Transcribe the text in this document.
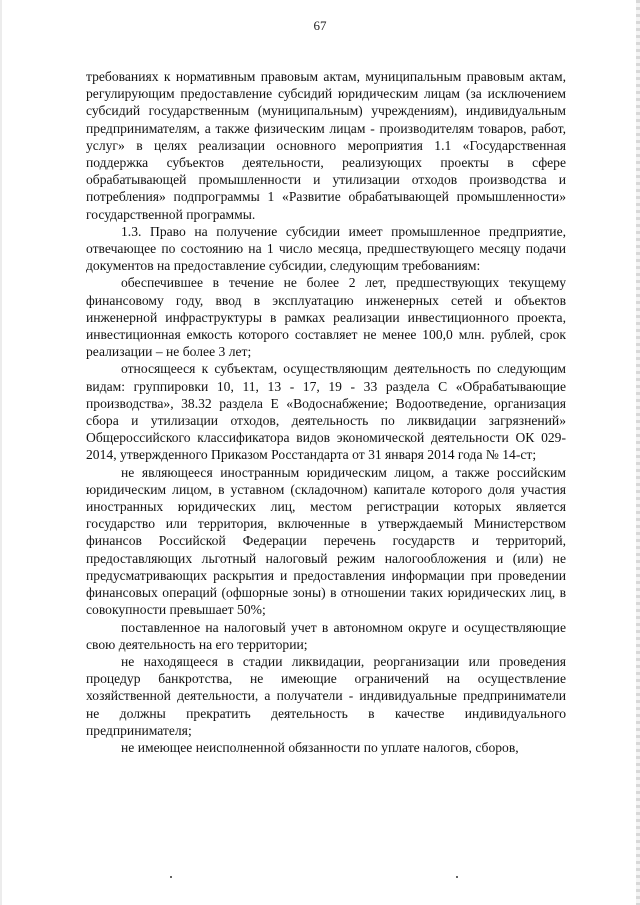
67

требованиях к нормативным правовым актам, муниципальным правовым актам, регулирующим предоставление субсидий юридическим лицам (за исключением субсидий государственным (муниципальным) учреждениям), индивидуальным предпринимателям, а также физическим лицам - производителям товаров, работ, услуг» в целях реализации основного мероприятия 1.1 «Государственная поддержка субъектов деятельности, реализующих проекты в сфере обрабатывающей промышленности и утилизации отходов производства и потребления» подпрограммы 1 «Развитие обрабатывающей промышленности» государственной программы.

1.3. Право на получение субсидии имеет промышленное предприятие, отвечающее по состоянию на 1 число месяца, предшествующего месяцу подачи документов на предоставление субсидии, следующим требованиям:

обеспечившее в течение не более 2 лет, предшествующих текущему финансовому году, ввод в эксплуатацию инженерных сетей и объектов инженерной инфраструктуры в рамках реализации инвестиционного проекта, инвестиционная емкость которого составляет не менее 100,0 млн. рублей, срок реализации – не более 3 лет;

относящееся к субъектам, осуществляющим деятельность по следующим видам: группировки 10, 11, 13 - 17, 19 - 33 раздела С «Обрабатывающие производства», 38.32 раздела Е «Водоснабжение; Водоотведение, организация сбора и утилизации отходов, деятельность по ликвидации загрязнений» Общероссийского классификатора видов экономической деятельности ОК 029-2014, утвержденного Приказом Росстандарта от 31 января 2014 года № 14-ст;

не являющееся иностранным юридическим лицом, а также российским юридическим лицом, в уставном (складочном) капитале которого доля участия иностранных юридических лиц, местом регистрации которых является государство или территория, включенные в утверждаемый Министерством финансов Российской Федерации перечень государств и территорий, предоставляющих льготный налоговый режим налогообложения и (или) не предусматривающих раскрытия и предоставления информации при проведении финансовых операций (офшорные зоны) в отношении таких юридических лиц, в совокупности превышает 50%;

поставленное на налоговый учет в автономном округе и осуществляющие свою деятельность на его территории;

не находящееся в стадии ликвидации, реорганизации или проведения процедур банкротства, не имеющие ограничений на осуществление хозяйственной деятельности, а получатели - индивидуальные предприниматели не должны прекратить деятельность в качестве индивидуального предпринимателя;

не имеющее неисполненной обязанности по уплате налогов, сборов,
